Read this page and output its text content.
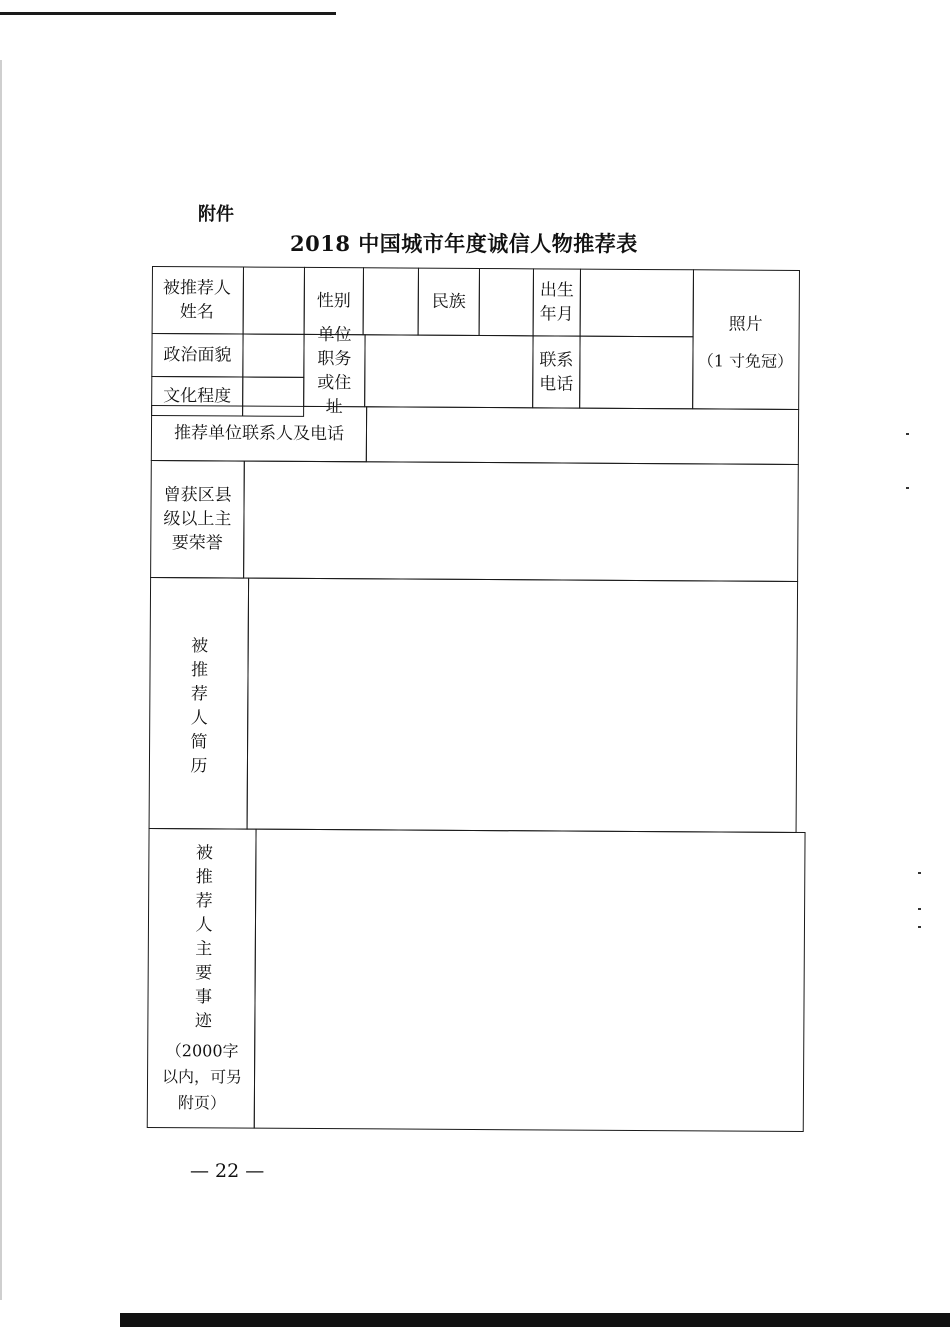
附件
2018 中国城市年度诚信人物推荐表
被推荐人姓名
性别	民族
出生年月
照片
（1 寸免冠）
政治面貌
单位职务或住址
联系电话
文化程度
推荐单位联系人及电话
曾获区县级以上主要荣誉
被推荐人简历
被推荐人主要事迹
（2000字以内，可另附页）
— 22 —
